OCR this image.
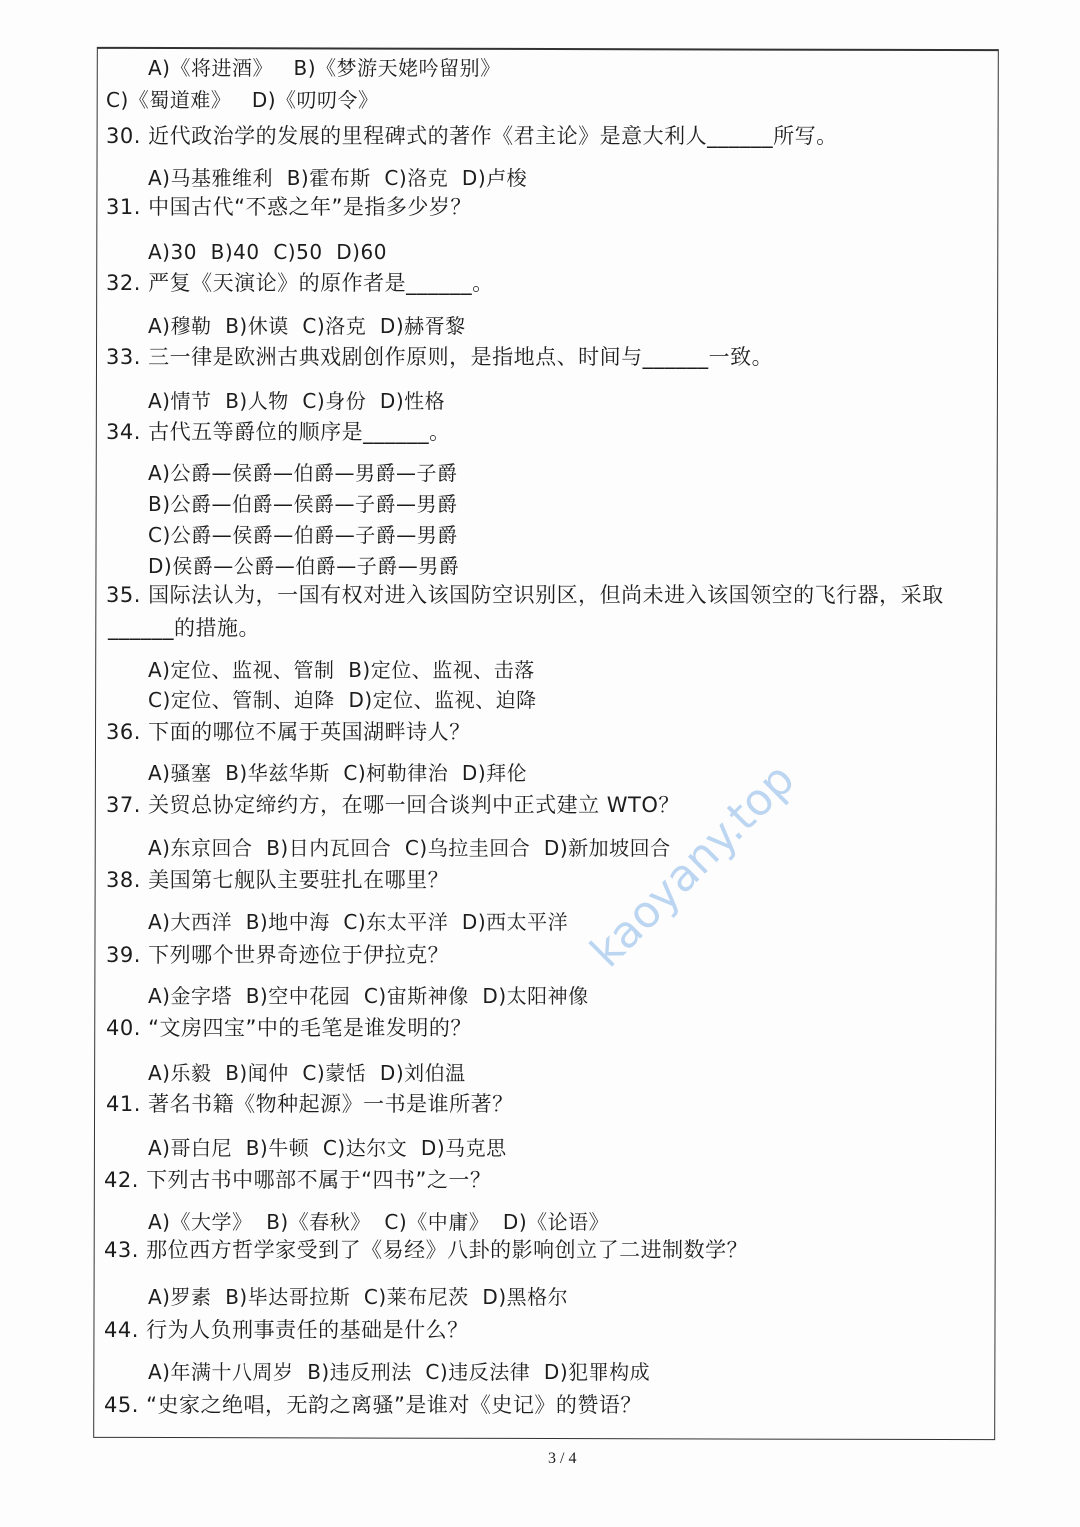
A)《将进酒》   B)《梦游天姥吟留别》
C)《蜀道难》   D)《叨叨令》
30. 近代政治学的发展的里程碑式的著作《君主论》是意大利人______所写。
A)马基雅维利  B)霍布斯  C)洛克  D)卢梭
31. 中国古代“不惑之年”是指多少岁？
A)30  B)40  C)50  D)60
32. 严复《天演论》的原作者是______。
A)穆勒  B)休谟  C)洛克  D)赫胥黎
33. 三一律是欧洲古典戏剧创作原则，是指地点、时间与______一致。
A)情节  B)人物  C)身份  D)性格
34. 古代五等爵位的顺序是______。
A)公爵—侯爵—伯爵—男爵—子爵
B)公爵—伯爵—侯爵—子爵—男爵
C)公爵—侯爵—伯爵—子爵—男爵
D)侯爵—公爵—伯爵—子爵—男爵
35. 国际法认为，一国有权对进入该国防空识别区，但尚未进入该国领空的飞行器，采取
______的措施。
A)定位、监视、管制  B)定位、监视、击落
C)定位、管制、迫降  D)定位、监视、迫降
36. 下面的哪位不属于英国湖畔诗人？
A)骚塞  B)华兹华斯  C)柯勒律治  D)拜伦
37. 关贸总协定缔约方，在哪一回合谈判中正式建立 WTO？
A)东京回合  B)日内瓦回合  C)乌拉圭回合  D)新加坡回合
38. 美国第七舰队主要驻扎在哪里？
A)大西洋  B)地中海  C)东太平洋  D)西太平洋
39. 下列哪个世界奇迹位于伊拉克？
A)金字塔  B)空中花园  C)宙斯神像  D)太阳神像
40. “文房四宝”中的毛笔是谁发明的？
A)乐毅  B)闻仲  C)蒙恬  D)刘伯温
41. 著名书籍《物种起源》一书是谁所著？
A)哥白尼  B)牛顿  C)达尔文  D)马克思
42. 下列古书中哪部不属于“四书”之一？
A)《大学》  B)《春秋》  C)《中庸》  D)《论语》
43. 那位西方哲学家受到了《易经》八卦的影响创立了二进制数学？
A)罗素  B)毕达哥拉斯  C)莱布尼茨  D)黑格尔
44. 行为人负刑事责任的基础是什么？
A)年满十八周岁  B)违反刑法  C)违反法律  D)犯罪构成
45. “史家之绝唱，无韵之离骚”是谁对《史记》的赞语？
3 / 4
kaoyany.top
